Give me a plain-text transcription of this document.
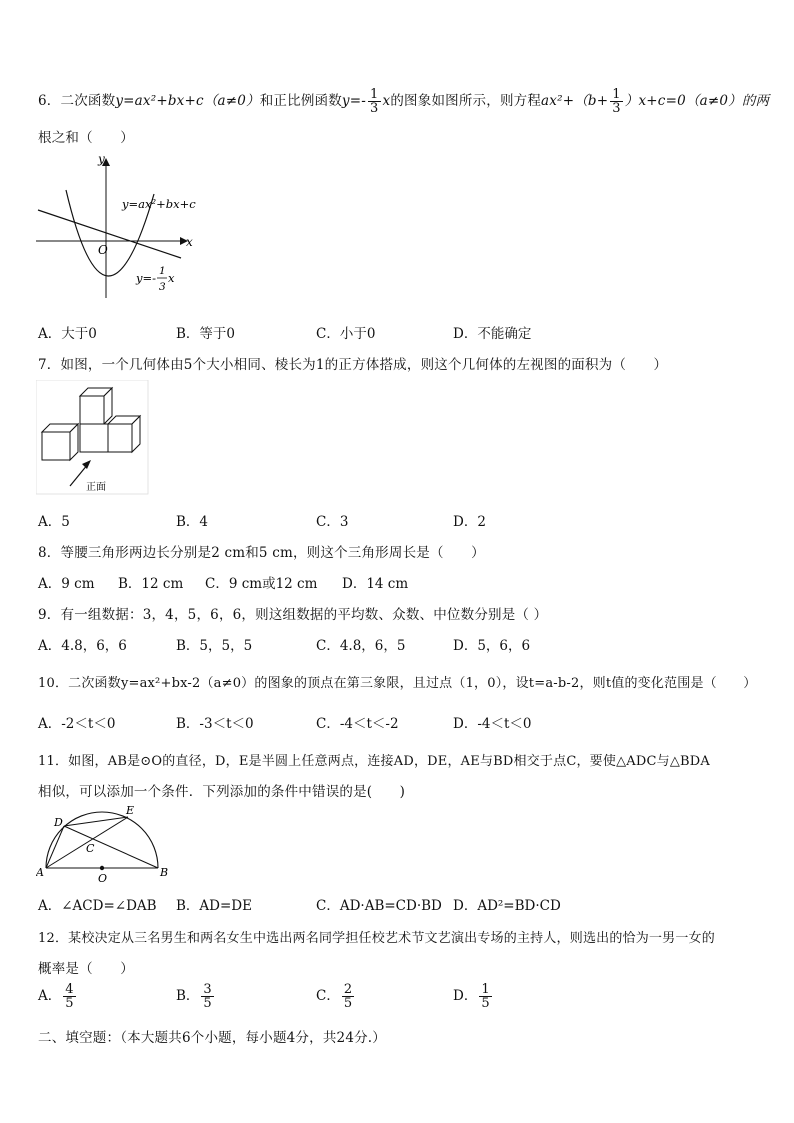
6．二次函数y=ax²+bx+c（a≠0）和正比例函数$y=- \frac{1}{3}$ x的图象如图所示，则方程$ax^2+(b+ \frac{1}{3} )x+c=0(a\ne 0)$的两
根之和（　　）
y
x
O
y=ax²+bx+c
y=- 1
3
x
A．大于0	B．等于0	C．小于0	D．不能确定
7．如图，一个几何体由5个大小相同、棱长为1的正方体搭成，则这个几何体的左视图的面积为（　　）
正面
A．5	B．4	C．3	D．2
8．等腰三角形两边长分别是2 cm和5 cm，则这个三角形周长是（　　）
A．9 cm B．12 cm C．9 cm或12 cm D．14 cm
9．有一组数据：3，4，5，6，6，则这组数据的平均数、众数、中位数分别是（ ）
A．4.8，6，6	B．5，5，5	C．4.8，6，5	D．5，6，6
10．二次函数y=ax²+bx-2（a≠0）的图象的顶点在第三象限，且过点（1，0），设t=a-b-2，则t值的变化范围是（　　）
A．-2＜t＜0	B．-3＜t＜0	C．-4＜t＜-2	D．-4＜t＜0
11．如图，AB是⊙O的直径，D，E是半圆上任意两点，连接AD，DE，AE与BD相交于点C，要使△ADC与△BDA
相似，可以添加一个条件．下列添加的条件中错误的是(　　)
A	B
C
D
E
O
A．∠ACD=∠DAB B．AD=DE	C．AD·AB=CD·BD D．AD²=BD·CD
12．某校决定从三名男生和两名女生中选出两名同学担任校艺术节文艺演出专场的主持人，则选出的恰为一男一女的
概率是（　　）
A． $\frac{4}{5}$	B． $\frac{3}{5}$	C． $\frac{2}{5}$	D． $\frac{1}{5}$
二、填空题：（本大题共6个小题，每小题4分，共24分.）
